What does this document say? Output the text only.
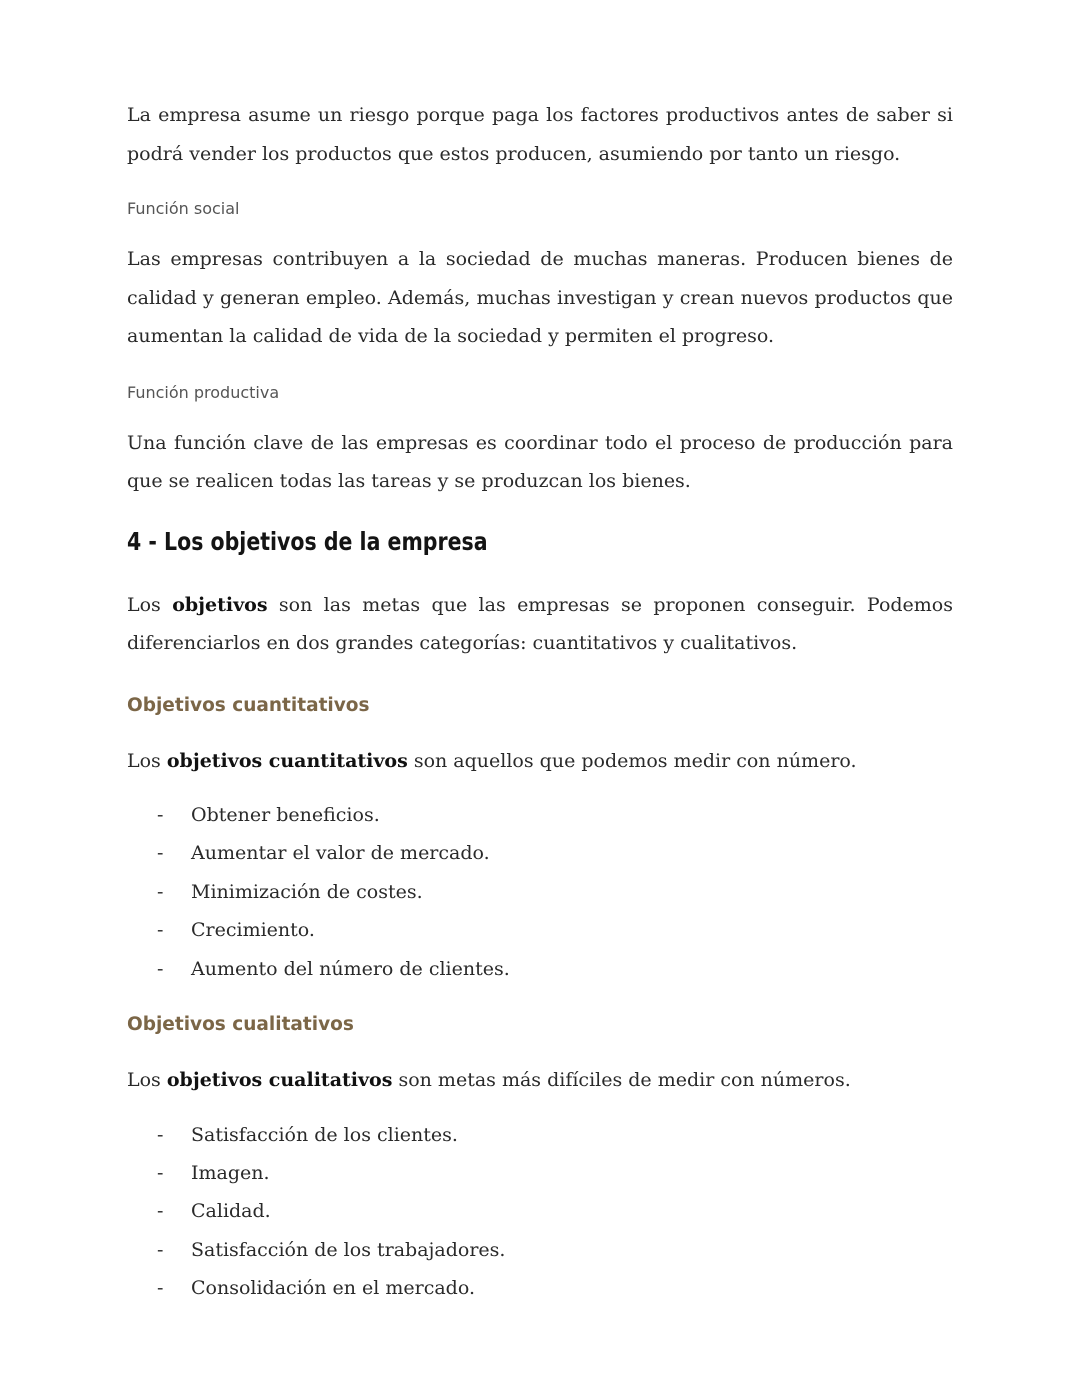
La empresa asume un riesgo porque paga los factores productivos antes de saber si podrá vender los productos que estos producen, asumiendo por tanto un riesgo.

Función social

Las empresas contribuyen a la sociedad de muchas maneras. Producen bienes de calidad y generan empleo. Además, muchas investigan y crean nuevos productos que aumentan la calidad de vida de la sociedad y permiten el progreso.

Función productiva

Una función clave de las empresas es coordinar todo el proceso de producción para que se realicen todas las tareas y se produzcan los bienes.

4 - Los objetivos de la empresa

Los objetivos son las metas que las empresas se proponen conseguir. Podemos diferenciarlos en dos grandes categorías: cuantitativos y cualitativos.

Objetivos cuantitativos

Los objetivos cuantitativos son aquellos que podemos medir con número.

- Obtener beneficios.
- Aumentar el valor de mercado.
- Minimización de costes.
- Crecimiento.
- Aumento del número de clientes.
Objetivos cualitativos

Los objetivos cualitativos son metas más difíciles de medir con números.

- Satisfacción de los clientes.
- Imagen.
- Calidad.
- Satisfacción de los trabajadores.
- Consolidación en el mercado.
